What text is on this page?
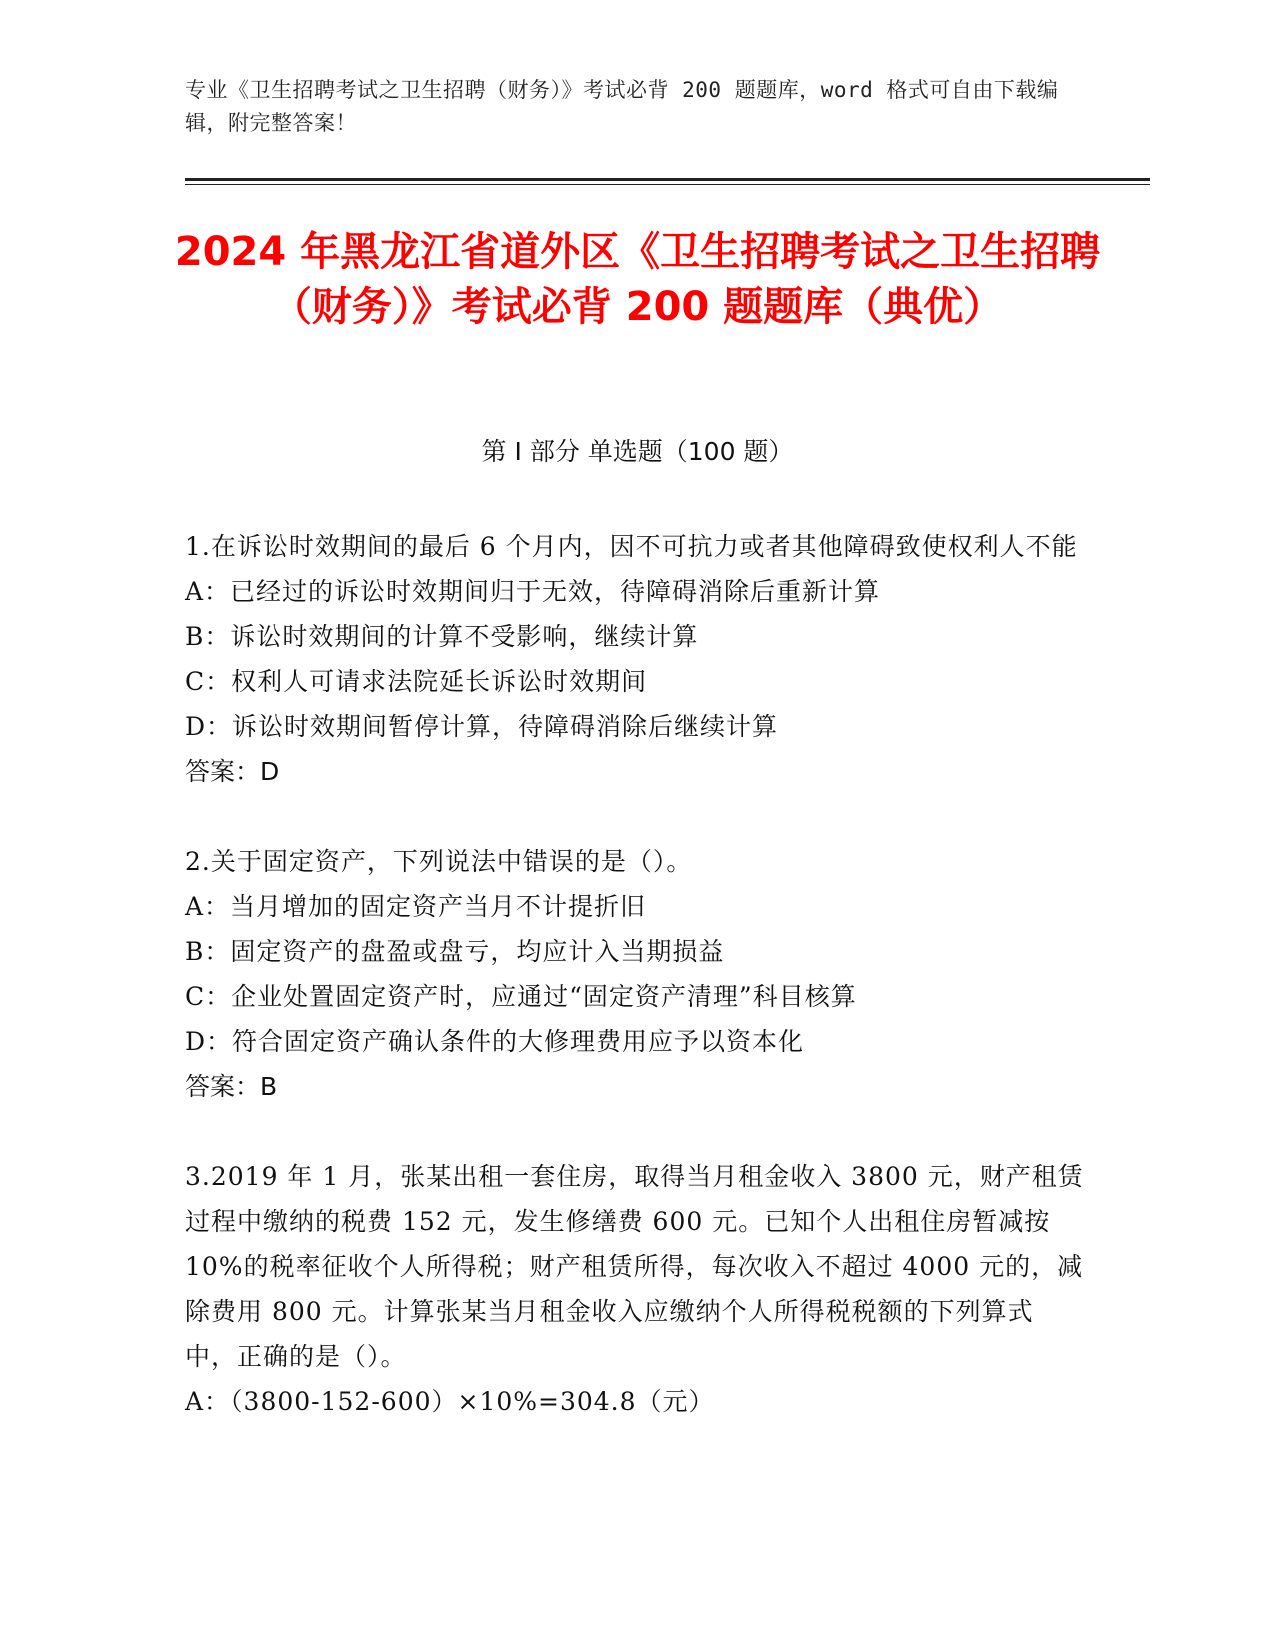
专业《卫生招聘考试之卫生招聘（财务）》考试必背 200 题题库，word 格式可自由下载编辑，附完整答案！
2024 年黑龙江省道外区《卫生招聘考试之卫生招聘（财务）》考试必背 200 题题库（典优）
第 I 部分 单选题（100 题）
1.在诉讼时效期间的最后 6 个月内，因不可抗力或者其他障碍致使权利人不能
A：已经过的诉讼时效期间归于无效，待障碍消除后重新计算
B：诉讼时效期间的计算不受影响，继续计算
C：权利人可请求法院延长诉讼时效期间
D：诉讼时效期间暂停计算，待障碍消除后继续计算
答案：D
2.关于固定资产，下列说法中错误的是（）。
A：当月增加的固定资产当月不计提折旧
B：固定资产的盘盈或盘亏，均应计入当期损益
C：企业处置固定资产时，应通过“固定资产清理”科目核算
D：符合固定资产确认条件的大修理费用应予以资本化
答案：B
3.2019 年 1 月，张某出租一套住房，取得当月租金收入 3800 元，财产租赁过程中缴纳的税费 152 元，发生修缮费 600 元。已知个人出租住房暂减按 10%的税率征收个人所得税；财产租赁所得，每次收入不超过 4000 元的，减除费用 800 元。计算张某当月租金收入应缴纳个人所得税税额的下列算式中，正确的是（）。
A：（3800-152-600）×10%=304.8（元）
